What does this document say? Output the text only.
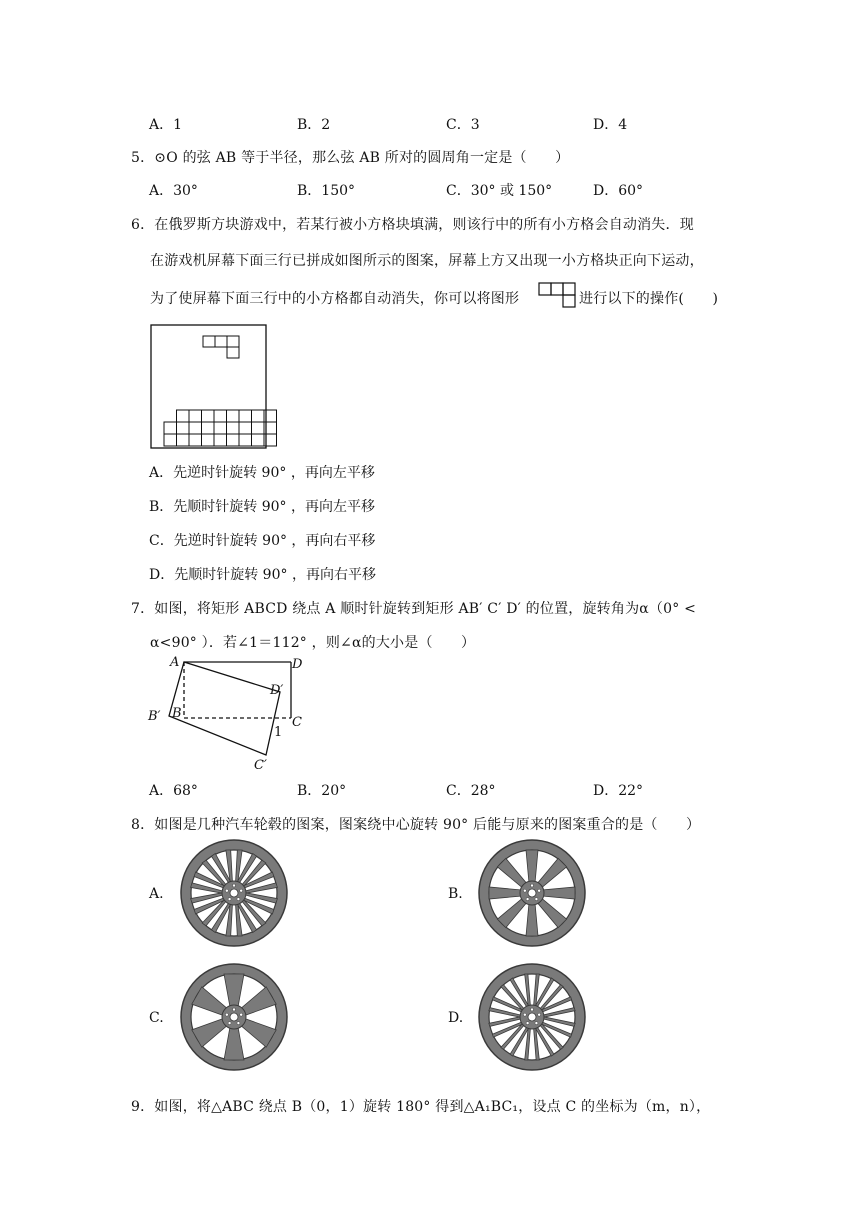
A．1	B．2	C．3	D．4
5．⊙O 的弦 AB 等于半径，那么弦 AB 所对的圆周角一定是（　　）
A．30°	B．150°	C．30° 或 150°	D．60°
6．在俄罗斯方块游戏中，若某行被小方格块填满，则该行中的所有小方格会自动消失．现
在游戏机屏幕下面三行已拼成如图所示的图案，屏幕上方又出现一小方格块正向下运动，
为了使屏幕下面三行中的小方格都自动消失，你可以将图形	进行以下的操作(　　)
A．先逆时针旋转 90° ，再向左平移
B．先顺时针旋转 90° ，再向左平移
C．先逆时针旋转 90° ，再向右平移
D．先顺时针旋转 90° ，再向右平移
7．如图，将矩形 ABCD 绕点 A 顺时针旋转到矩形 AB′ C′ D′ 的位置，旋转角为α（0° <
α<90° ）．若∠1＝112° ，则∠α的大小是（　　）
A	D
D′
B′ B
C
1
C′
A．68°	B．20°	C．28°	D．22°
8．如图是几种汽车轮毂的图案，图案绕中心旋转 90° 后能与原来的图案重合的是（　　）
A.	B.
C.	D.
9．如图，将△ABC 绕点 B（0，1）旋转 180° 得到△A₁BC₁，设点 C 的坐标为（m，n），
